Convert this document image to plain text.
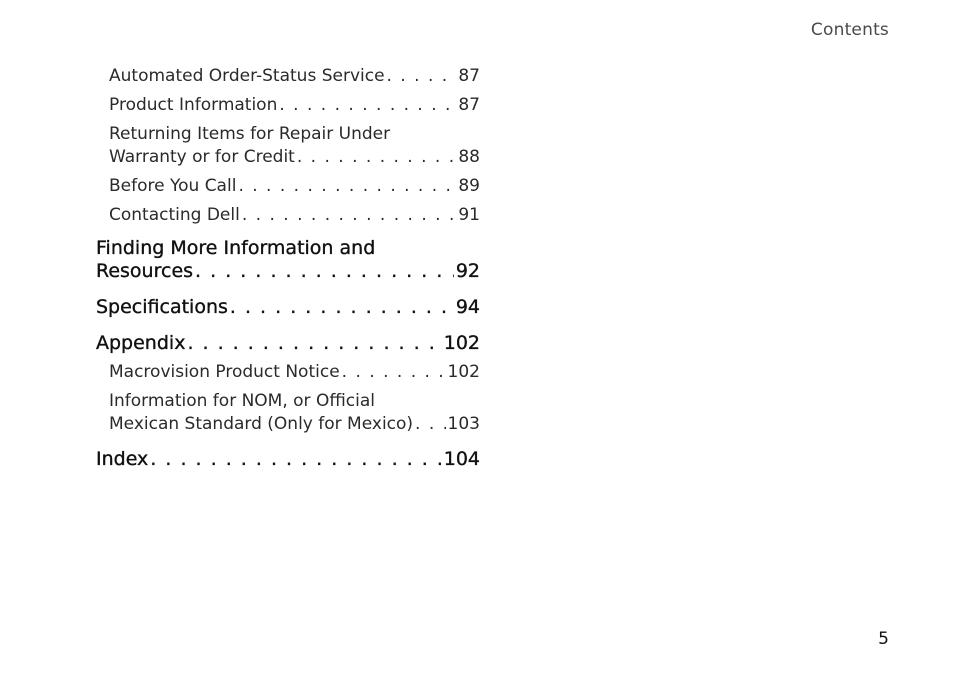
Contents
Automated Order-Status Service . . .	87
Product Information . . .	87
Returning Items for Repair Under
Warranty or for Credit . . .	88
Before You Call . . .	89
Contacting Dell . . .	91
Finding More Information and
Resources . . .	92
Specifications . . .	94
Appendix . . .	102
Macrovision Product Notice . . .	102
Information for NOM, or Official
Mexican Standard (Only for Mexico) . . . 103
Index . . .	104
5
